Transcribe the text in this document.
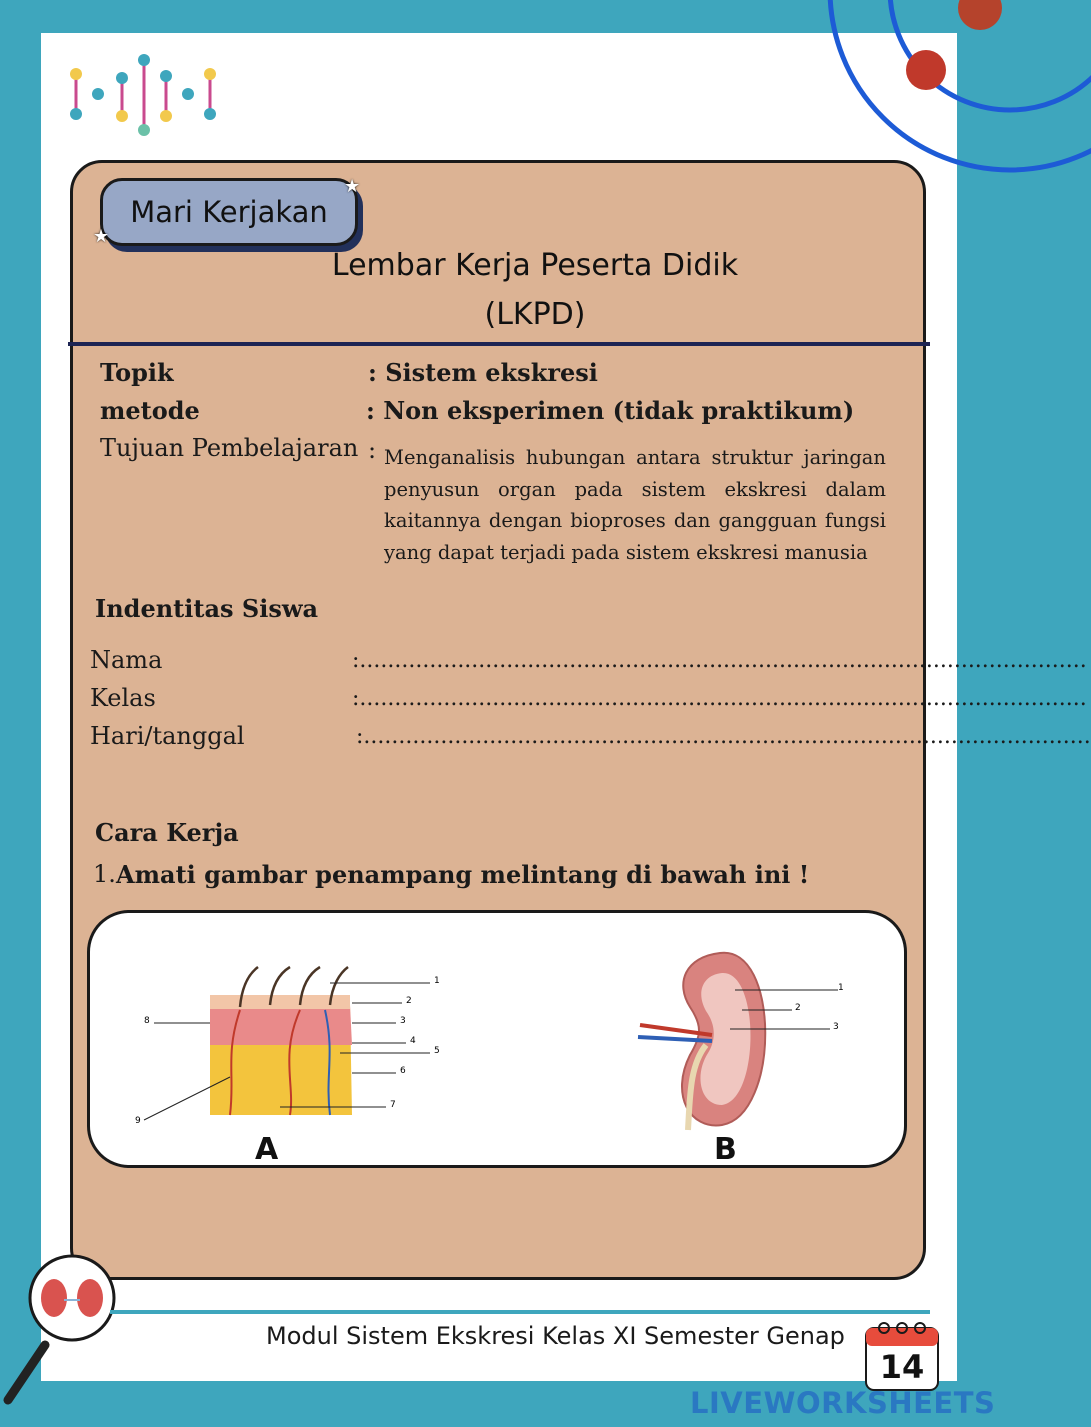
Mari Kerjakan
★
★
Lembar Kerja Peserta Didik
(LKPD)
Topik	: Sistem ekskresi
metode	: Non eksperimen (tidak praktikum)
Tujuan Pembelajaran : Menganalisis hubungan antara struktur jaringan penyusun organ pada sistem ekskresi dalam kaitannya dengan bioproses dan gangguan fungsi yang dapat terjadi pada sistem ekskresi manusia
Indentitas Siswa
Nama	:........................................................................................................
Kelas	:........................................................................................................
Hari/tanggal	:........................................................................................................
Cara Kerja
1. Amati gambar penampang melintang di bawah ini !
1
2
3
4
5
6
7
8
9
A
1
2
3
B
Modul Sistem Ekskresi Kelas XI Semester Genap
14
LIVEWORKSHEETS
